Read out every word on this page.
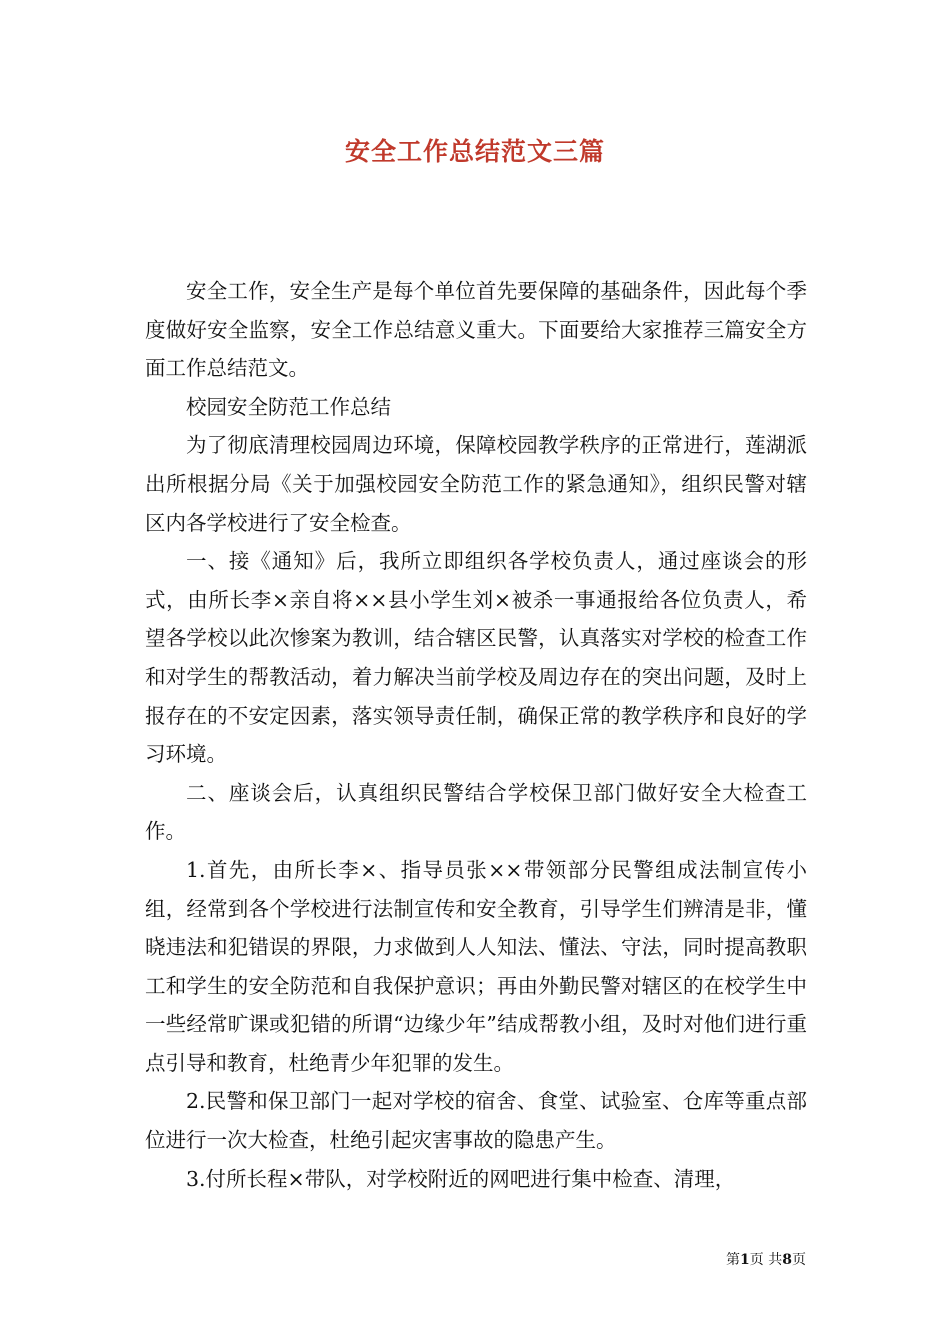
安全工作总结范文三篇

安全工作，安全生产是每个单位首先要保障的基础条件，因此每个季度做好安全监察，安全工作总结意义重大。下面要给大家推荐三篇安全方面工作总结范文。

校园安全防范工作总结

为了彻底清理校园周边环境，保障校园教学秩序的正常进行，莲湖派出所根据分局《关于加强校园安全防范工作的紧急通知》，组织民警对辖区内各学校进行了安全检查。

一、接《通知》后，我所立即组织各学校负责人，通过座谈会的形式，由所长李×亲自将××县小学生刘×被杀一事通报给各位负责人，希望各学校以此次惨案为教训，结合辖区民警，认真落实对学校的检查工作和对学生的帮教活动，着力解决当前学校及周边存在的突出问题，及时上报存在的不安定因素，落实领导责任制，确保正常的教学秩序和良好的学习环境。

二、座谈会后，认真组织民警结合学校保卫部门做好安全大检查工作。

1.首先，由所长李×、指导员张××带领部分民警组成法制宣传小组，经常到各个学校进行法制宣传和安全教育，引导学生们辨清是非，懂晓违法和犯错误的界限，力求做到人人知法、懂法、守法，同时提高教职工和学生的安全防范和自我保护意识；再由外勤民警对辖区的在校学生中一些经常旷课或犯错的所谓“边缘少年”结成帮教小组，及时对他们进行重点引导和教育，杜绝青少年犯罪的发生。

2.民警和保卫部门一起对学校的宿舍、食堂、试验室、仓库等重点部位进行一次大检查，杜绝引起灾害事故的隐患产生。

3.付所长程×带队，对学校附近的网吧进行集中检查、清理，

第1页 共8页
